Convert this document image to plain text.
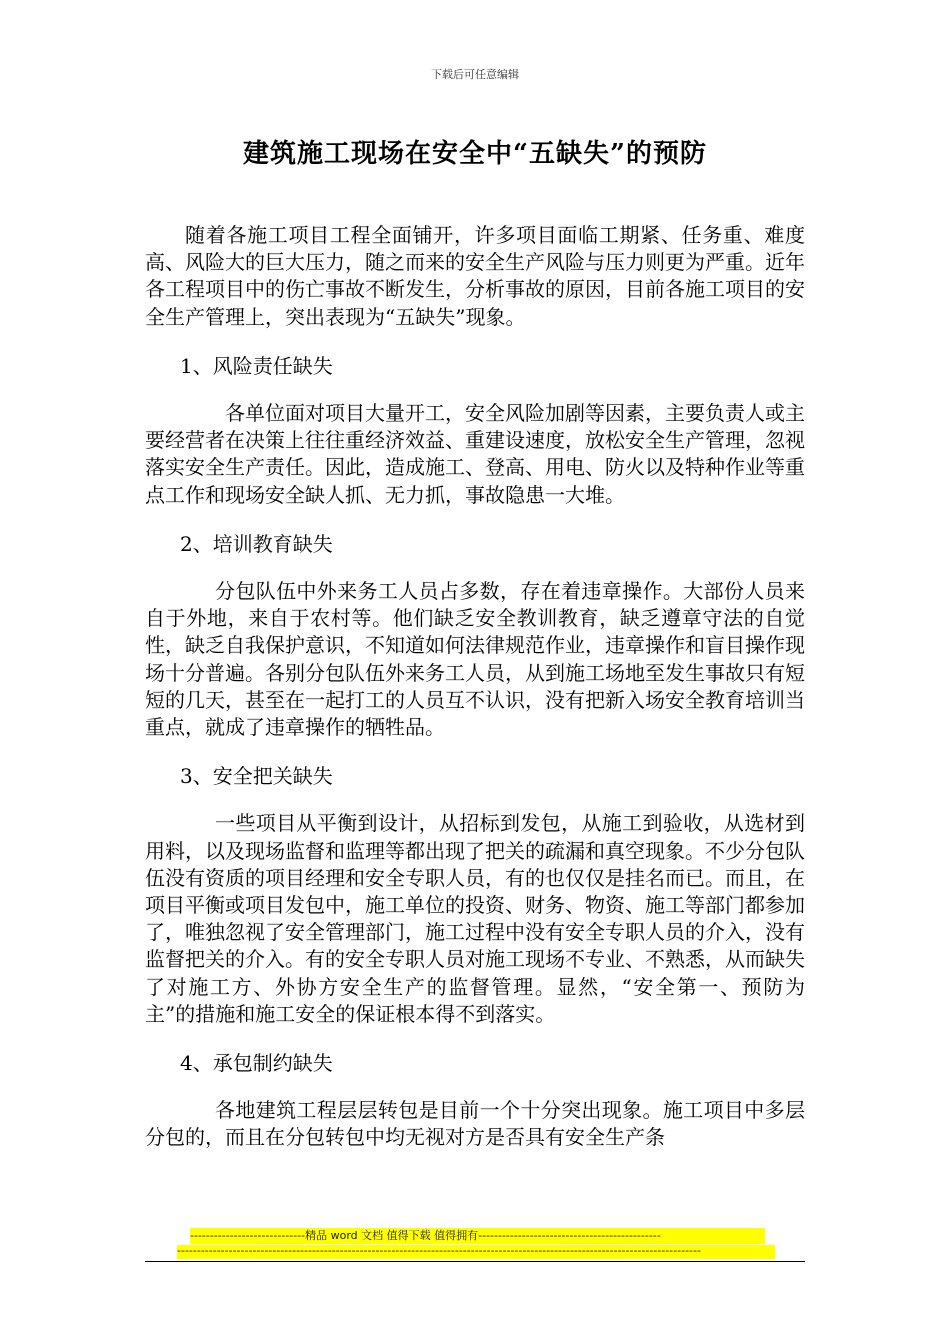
下载后可任意编辑
建筑施工现场在安全中“五缺失”的预防

随着各施工项目工程全面铺开，许多项目面临工期紧、任务重、难度高、风险大的巨大压力，随之而来的安全生产风险与压力则更为严重。近年各工程项目中的伤亡事故不断发生，分析事故的原因，目前各施工项目的安全生产管理上，突出表现为“五缺失”现象。

1、风险责任缺失

各单位面对项目大量开工，安全风险加剧等因素，主要负责人或主要经营者在决策上往往重经济效益、重建设速度，放松安全生产管理，忽视落实安全生产责任。因此，造成施工、登高、用电、防火以及特种作业等重点工作和现场安全缺人抓、无力抓，事故隐患一大堆。

2、培训教育缺失

分包队伍中外来务工人员占多数，存在着违章操作。大部份人员来自于外地，来自于农村等。他们缺乏安全教训教育，缺乏遵章守法的自觉性，缺乏自我保护意识，不知道如何法律规范作业，违章操作和盲目操作现场十分普遍。各别分包队伍外来务工人员，从到施工场地至发生事故只有短短的几天，甚至在一起打工的人员互不认识，没有把新入场安全教育培训当重点，就成了违章操作的牺牲品。

3、安全把关缺失

一些项目从平衡到设计，从招标到发包，从施工到验收，从选材到用料，以及现场监督和监理等都出现了把关的疏漏和真空现象。不少分包队伍没有资质的项目经理和安全专职人员，有的也仅仅是挂名而已。而且，在项目平衡或项目发包中，施工单位的投资、财务、物资、施工等部门都参加了，唯独忽视了安全管理部门，施工过程中没有安全专职人员的介入，没有监督把关的介入。有的安全专职人员对施工现场不专业、不熟悉，从而缺失了对施工方、外协方安全生产的监督管理。显然，“安全第一、预防为主”的措施和施工安全的保证根本得不到落实。

4、承包制约缺失

各地建筑工程层层转包是目前一个十分突出现象。施工项目中多层分包的，而且在分包转包中均无视对方是否具有安全生产条

-----------------------------精品 word 文档 值得下载 值得拥有----------------------------------------------
------------------------------------------------------------------------------------------------------------------------------------
